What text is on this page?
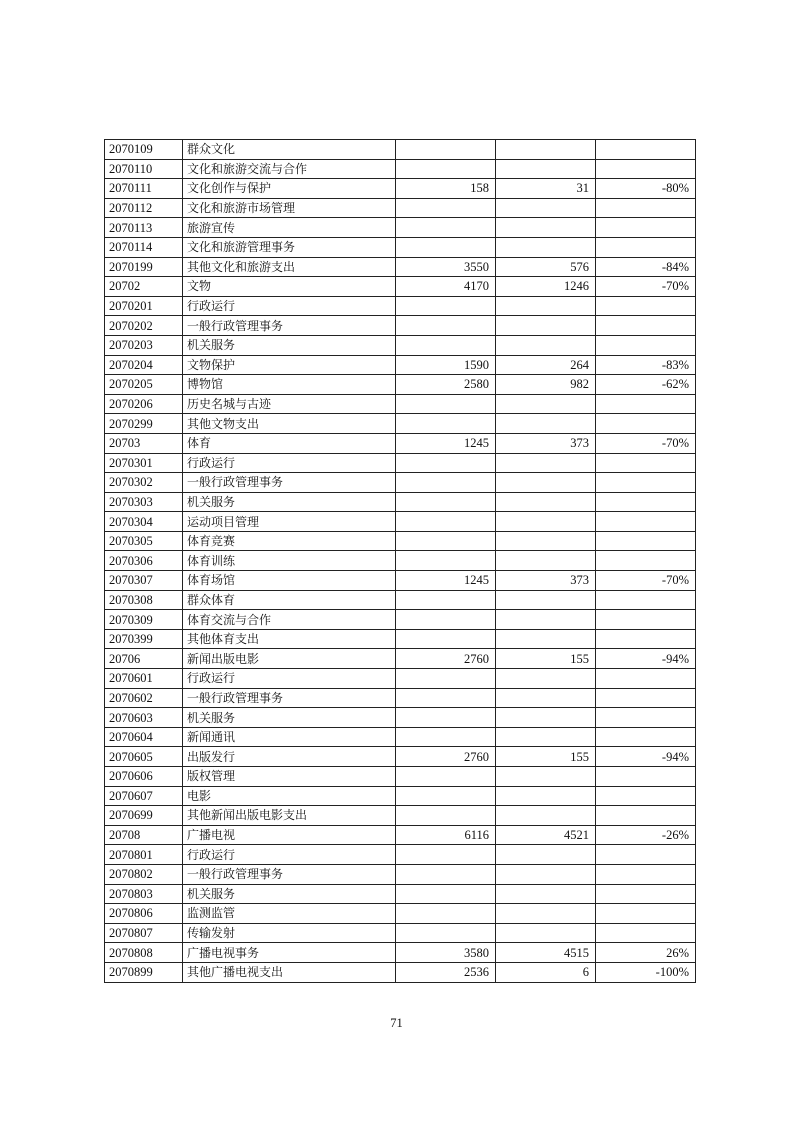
2070109	群众文化			
2070110	文化和旅游交流与合作			
2070111	文化创作与保护	158	31	-80%
2070112	文化和旅游市场管理			
2070113	旅游宣传			
2070114	文化和旅游管理事务			
2070199	其他文化和旅游支出	3550	576	-84%
20702	文物	4170	1246	-70%
2070201	行政运行			
2070202	一般行政管理事务			
2070203	机关服务			
2070204	文物保护	1590	264	-83%
2070205	博物馆	2580	982	-62%
2070206	历史名城与古迹			
2070299	其他文物支出			
20703	体育	1245	373	-70%
2070301	行政运行			
2070302	一般行政管理事务			
2070303	机关服务			
2070304	运动项目管理			
2070305	体育竞赛			
2070306	体育训练			
2070307	体育场馆	1245	373	-70%
2070308	群众体育			
2070309	体育交流与合作			
2070399	其他体育支出			
20706	新闻出版电影	2760	155	-94%
2070601	行政运行			
2070602	一般行政管理事务			
2070603	机关服务			
2070604	新闻通讯			
2070605	出版发行	2760	155	-94%
2070606	版权管理			
2070607	电影			
2070699	其他新闻出版电影支出			
20708	广播电视	6116	4521	-26%
2070801	行政运行			
2070802	一般行政管理事务			
2070803	机关服务			
2070806	监测监管			
2070807	传输发射			
2070808	广播电视事务	3580	4515	26%
2070899	其他广播电视支出	2536	6	-100%
71
